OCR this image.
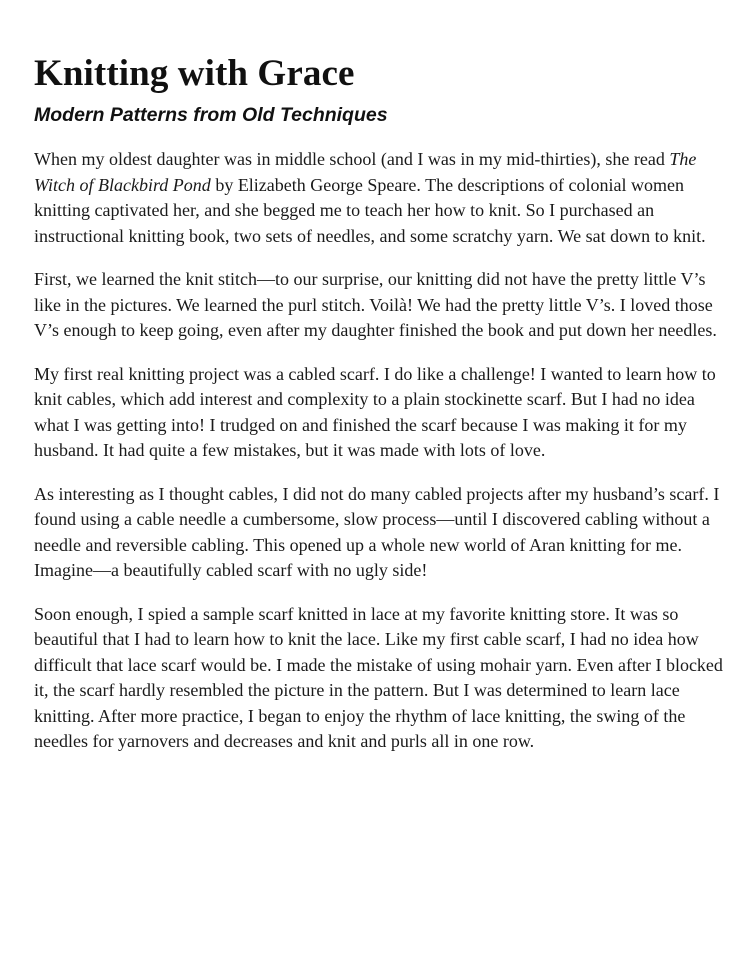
Knitting with Grace
Modern Patterns from Old Techniques

When my oldest daughter was in middle school (and I was in my mid-thirties), she read The Witch of Blackbird Pond by Elizabeth George Speare. The descriptions of colonial women knitting captivated her, and she begged me to teach her how to knit. So I purchased an instructional knitting book, two sets of needles, and some scratchy yarn. We sat down to knit.

First, we learned the knit stitch—to our surprise, our knitting did not have the pretty little V’s like in the pictures. We learned the purl stitch. Voilà! We had the pretty little V’s. I loved those V’s enough to keep going, even after my daughter finished the book and put down her needles.

My first real knitting project was a cabled scarf. I do like a challenge! I wanted to learn how to knit cables, which add interest and complexity to a plain stockinette scarf. But I had no idea what I was getting into! I trudged on and finished the scarf because I was making it for my husband. It had quite a few mistakes, but it was made with lots of love.

As interesting as I thought cables, I did not do many cabled projects after my husband’s scarf. I found using a cable needle a cumbersome, slow process—until I discovered cabling without a needle and reversible cabling. This opened up a whole new world of Aran knitting for me. Imagine—a beautifully cabled scarf with no ugly side!

Soon enough, I spied a sample scarf knitted in lace at my favorite knitting store. It was so beautiful that I had to learn how to knit the lace. Like my first cable scarf, I had no idea how difficult that lace scarf would be. I made the mistake of using mohair yarn. Even after I blocked it, the scarf hardly resembled the picture in the pattern. But I was determined to learn lace knitting. After more practice, I began to enjoy the rhythm of lace knitting, the swing of the needles for yarnovers and decreases and knit and purls all in one row.
